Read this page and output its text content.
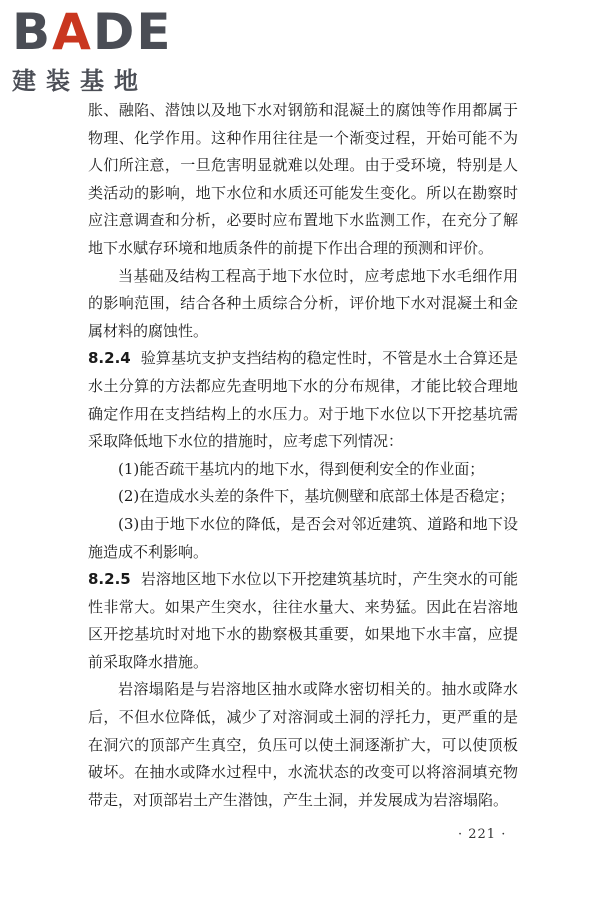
BADE
建装基地

胀、融陷、潜蚀以及地下水对钢筋和混凝土的腐蚀等作用都属于物理、化学作用。这种作用往往是一个渐变过程，开始可能不为人们所注意，一旦危害明显就难以处理。由于受环境，特别是人类活动的影响，地下水位和水质还可能发生变化。所以在勘察时应注意调查和分析，必要时应布置地下水监测工作，在充分了解地下水赋存环境和地质条件的前提下作出合理的预测和评价。

当基础及结构工程高于地下水位时，应考虑地下水毛细作用的影响范围，结合各种土质综合分析，评价地下水对混凝土和金属材料的腐蚀性。

8.2.4 验算基坑支护支挡结构的稳定性时，不管是水土合算还是水土分算的方法都应先查明地下水的分布规律，才能比较合理地确定作用在支挡结构上的水压力。对于地下水位以下开挖基坑需采取降低地下水位的措施时，应考虑下列情况：

(1)能否疏干基坑内的地下水，得到便利安全的作业面；

(2)在造成水头差的条件下，基坑侧壁和底部土体是否稳定；

(3)由于地下水位的降低，是否会对邻近建筑、道路和地下设施造成不利影响。

8.2.5 岩溶地区地下水位以下开挖建筑基坑时，产生突水的可能性非常大。如果产生突水，往往水量大、来势猛。因此在岩溶地区开挖基坑时对地下水的勘察极其重要，如果地下水丰富，应提前采取降水措施。

岩溶塌陷是与岩溶地区抽水或降水密切相关的。抽水或降水后，不但水位降低，减少了对溶洞或土洞的浮托力，更严重的是在洞穴的顶部产生真空，负压可以使土洞逐渐扩大，可以使顶板破坏。在抽水或降水过程中，水流状态的改变可以将溶洞填充物带走，对顶部岩土产生潜蚀，产生土洞，并发展成为岩溶塌陷。

· 221 ·
